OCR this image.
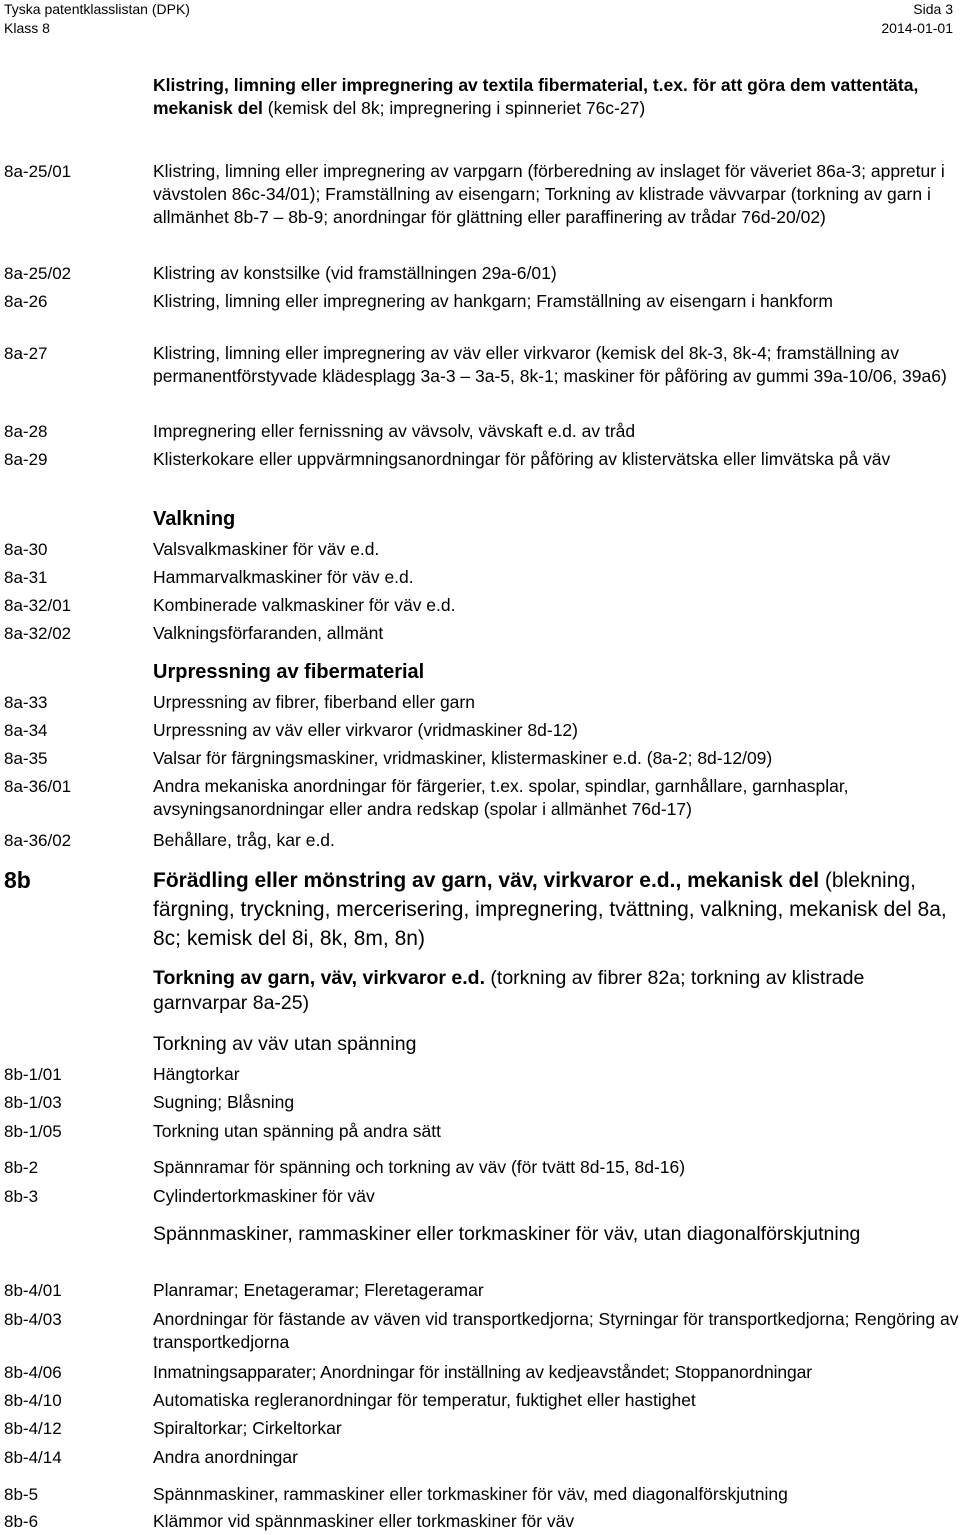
Tyska patentklasslistan (DPK)	Sida 3
Klass 8	2014-01-01
Klistring, limning eller impregnering av textila fibermaterial, t.ex. för att göra dem vattentäta, mekanisk del (kemisk del 8k; impregnering i spinneriet 76c-27)
8a-25/01	Klistring, limning eller impregnering av varpgarn (förberedning av inslaget för väveriet 86a-3; appretur i vävstolen 86c-34/01); Framställning av eisengarn; Torkning av klistrade vävvarpar (torkning av garn i allmänhet 8b-7 – 8b-9; anordningar för glättning eller paraffinering av trådar 76d-20/02)
8a-25/02	Klistring av konstsilke (vid framställningen 29a-6/01)
8a-26	Klistring, limning eller impregnering av hankgarn; Framställning av eisengarn i hankform
8a-27	Klistring, limning eller impregnering av väv eller virkvaror (kemisk del 8k-3, 8k-4; framställning av permanentförstyvade klädesplagg 3a-3 – 3a-5, 8k-1; maskiner för påföring av gummi 39a-10/06, 39a6)
8a-28	Impregnering eller fernissning av vävsolv, vävskaft e.d. av tråd
8a-29	Klisterkokare eller uppvärmningsanordningar för påföring av klistervätska eller limvätska på väv
Valkning
8a-30	Valsvalkmaskiner för väv e.d.
8a-31	Hammarvalkmaskiner för väv e.d.
8a-32/01	Kombinerade valkmaskiner för väv e.d.
8a-32/02	Valkningsförfaranden, allmänt
Urpressning av fibermaterial
8a-33	Urpressning av fibrer, fiberband eller garn
8a-34	Urpressning av väv eller virkvaror (vridmaskiner 8d-12)
8a-35	Valsar för färgningsmaskiner, vridmaskiner, klistermaskiner e.d. (8a-2; 8d-12/09)
8a-36/01	Andra mekaniska anordningar för färgerier, t.ex. spolar, spindlar, garnhållare, garnhasplar, avsyningsanordningar eller andra redskap (spolar i allmänhet 76d-17)
8a-36/02	Behållare, tråg, kar e.d.
8b	Förädling eller mönstring av garn, väv, virkvaror e.d., mekanisk del (blekning, färgning, tryckning, mercerisering, impregnering, tvättning, valkning, mekanisk del 8a, 8c; kemisk del 8i, 8k, 8m, 8n)
Torkning av garn, väv, virkvaror e.d. (torkning av fibrer 82a; torkning av klistrade garnvarpar 8a-25)
Torkning av väv utan spänning
8b-1/01	Hängtorkar
8b-1/03	Sugning; Blåsning
8b-1/05	Torkning utan spänning på andra sätt
8b-2	Spännramar för spänning och torkning av väv (för tvätt 8d-15, 8d-16)
8b-3	Cylindertorkmaskiner för väv
Spännmaskiner, rammaskiner eller torkmaskiner för väv, utan diagonalförskjutning
8b-4/01	Planramar; Enetageramar; Fleretageramar
8b-4/03	Anordningar för fästande av väven vid transportkedjorna; Styrningar för transportkedjorna; Rengöring av transportkedjorna
8b-4/06	Inmatningsapparater; Anordningar för inställning av kedjeavståndet; Stoppanordningar
8b-4/10	Automatiska regleranordningar för temperatur, fuktighet eller hastighet
8b-4/12	Spiraltorkar; Cirkeltorkar
8b-4/14	Andra anordningar
8b-5	Spännmaskiner, rammaskiner eller torkmaskiner för väv, med diagonalförskjutning
8b-6	Klämmor vid spännmaskiner eller torkmaskiner för väv
